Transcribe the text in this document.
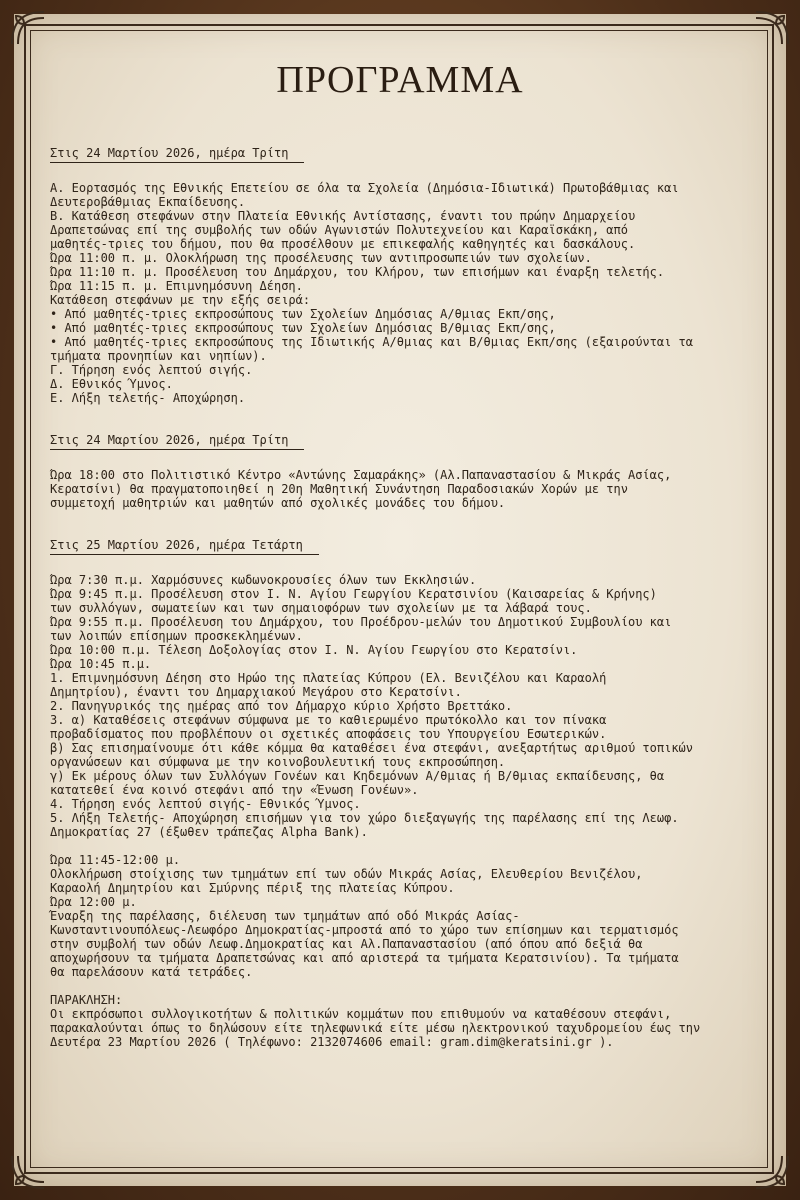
ΠΡΟΓΡΑΜΜΑ
Στις 24 Μαρτίου 2026, ημέρα Τρίτη
Α. Εορτασμός της Εθνικής Επετείου σε όλα τα Σχολεία (Δημόσια-Ιδιωτικά) Πρωτοβάθμιας και
Δευτεροβάθμιας Εκπαίδευσης.
Β. Κατάθεση στεφάνων στην Πλατεία Εθνικής Αντίστασης, έναντι του πρώην Δημαρχείου
Δραπετσώνας επί της συμβολής των οδών Αγωνιστών Πολυτεχνείου και Καραϊσκάκη, από
μαθητές-τριες του δήμου, που θα προσέλθουν με επικεφαλής καθηγητές και δασκάλους.
Ώρα 11:00 π. μ. Ολοκλήρωση της προσέλευσης των αντιπροσωπειών των σχολείων.
Ώρα 11:10 π. μ. Προσέλευση του Δημάρχου, του Κλήρου, των επισήμων και έναρξη τελετής.
Ώρα 11:15 π. μ. Επιμνημόσυνη Δέηση.
Κατάθεση στεφάνων με την εξής σειρά:
• Από μαθητές-τριες εκπροσώπους των Σχολείων Δημόσιας Α/θμιας Εκπ/σης,
• Από μαθητές-τριες εκπροσώπους των Σχολείων Δημόσιας Β/θμιας Εκπ/σης,
• Από μαθητές-τριες εκπροσώπους της Ιδιωτικής Α/θμιας και Β/θμιας Εκπ/σης (εξαιρούνται τα
τμήματα προνηπίων και νηπίων).
Γ. Τήρηση ενός λεπτού σιγής.
Δ. Εθνικός Ύμνος.
Ε. Λήξη τελετής- Αποχώρηση.
Στις 24 Μαρτίου 2026, ημέρα Τρίτη
Ώρα 18:00 στο Πολιτιστικό Κέντρο «Αντώνης Σαμαράκης» (Αλ.Παπαναστασίου & Μικράς Ασίας,
Κερατσίνι) θα πραγματοποιηθεί η 20η Μαθητική Συνάντηση Παραδοσιακών Χορών με την
συμμετοχή μαθητριών και μαθητών από σχολικές μονάδες του δήμου.
Στις 25 Μαρτίου 2026, ημέρα Τετάρτη
Ώρα 7:30 π.μ. Χαρμόσυνες κωδωνοκρουσίες όλων των Εκκλησιών.
Ώρα 9:45 π.μ. Προσέλευση στον Ι. Ν. Αγίου Γεωργίου Κερατσινίου (Καισαρείας & Κρήνης)
των συλλόγων, σωματείων και των σημαιοφόρων των σχολείων με τα λάβαρά τους.
Ώρα 9:55 π.μ. Προσέλευση του Δημάρχου, του Προέδρου-μελών του Δημοτικού Συμβουλίου και
των λοιπών επίσημων προσκεκλημένων.
Ώρα 10:00 π.μ. Τέλεση Δοξολογίας στον Ι. Ν. Αγίου Γεωργίου στο Κερατσίνι.
Ώρα 10:45 π.μ.
1. Επιμνημόσυνη Δέηση στο Ηρώο της πλατείας Κύπρου (Ελ. Βενιζέλου και Καραολή
Δημητρίου), έναντι του Δημαρχιακού Μεγάρου στο Κερατσίνι.
2. Πανηγυρικός της ημέρας από τον Δήμαρχο κύριο Χρήστο Βρεττάκο.
3. α) Καταθέσεις στεφάνων σύμφωνα με το καθιερωμένο πρωτόκολλο και τον πίνακα
προβαδίσματος που προβλέπουν οι σχετικές αποφάσεις του Υπουργείου Εσωτερικών.
β) Σας επισημαίνουμε ότι κάθε κόμμα θα καταθέσει ένα στεφάνι, ανεξαρτήτως αριθμού τοπικών
οργανώσεων και σύμφωνα με την κοινοβουλευτική τους εκπροσώπηση.
γ) Εκ μέρους όλων των Συλλόγων Γονέων και Κηδεμόνων Α/θμιας ή Β/θμιας εκπαίδευσης, θα
κατατεθεί ένα κοινό στεφάνι από την «Ένωση Γονέων».
4. Τήρηση ενός λεπτού σιγής- Εθνικός Ύμνος.
5. Λήξη Τελετής- Αποχώρηση επισήμων για τον χώρο διεξαγωγής της παρέλασης επί της Λεωφ.
Δημοκρατίας 27 (έξωθεν τράπεζας Alpha Bank).
Ώρα 11:45-12:00 μ.
Ολοκλήρωση στοίχισης των τμημάτων επί των οδών Μικράς Ασίας, Ελευθερίου Βενιζέλου,
Καραολή Δημητρίου και Σμύρνης πέριξ της πλατείας Κύπρου.
Ώρα 12:00 μ.
Έναρξη της παρέλασης, διέλευση των τμημάτων από οδό Μικράς Ασίας-
Κωνσταντινουπόλεως-Λεωφόρο Δημοκρατίας-μπροστά από το χώρο των επίσημων και τερματισμός
στην συμβολή των οδών Λεωφ.Δημοκρατίας και Αλ.Παπαναστασίου (από όπου από δεξιά θα
αποχωρήσουν τα τμήματα Δραπετσώνας και από αριστερά τα τμήματα Κερατσινίου). Τα τμήματα
θα παρελάσουν κατά τετράδες.
ΠΑΡΑΚΛΗΣΗ:
Οι εκπρόσωποι συλλογικοτήτων & πολιτικών κομμάτων που επιθυμούν να καταθέσουν στεφάνι,
παρακαλούνται όπως το δηλώσουν είτε τηλεφωνικά είτε μέσω ηλεκτρονικού ταχυδρομείου έως την
Δευτέρα 23 Μαρτίου 2026 ( Τηλέφωνο: 2132074606 email: gram.dim@keratsini.gr ).
